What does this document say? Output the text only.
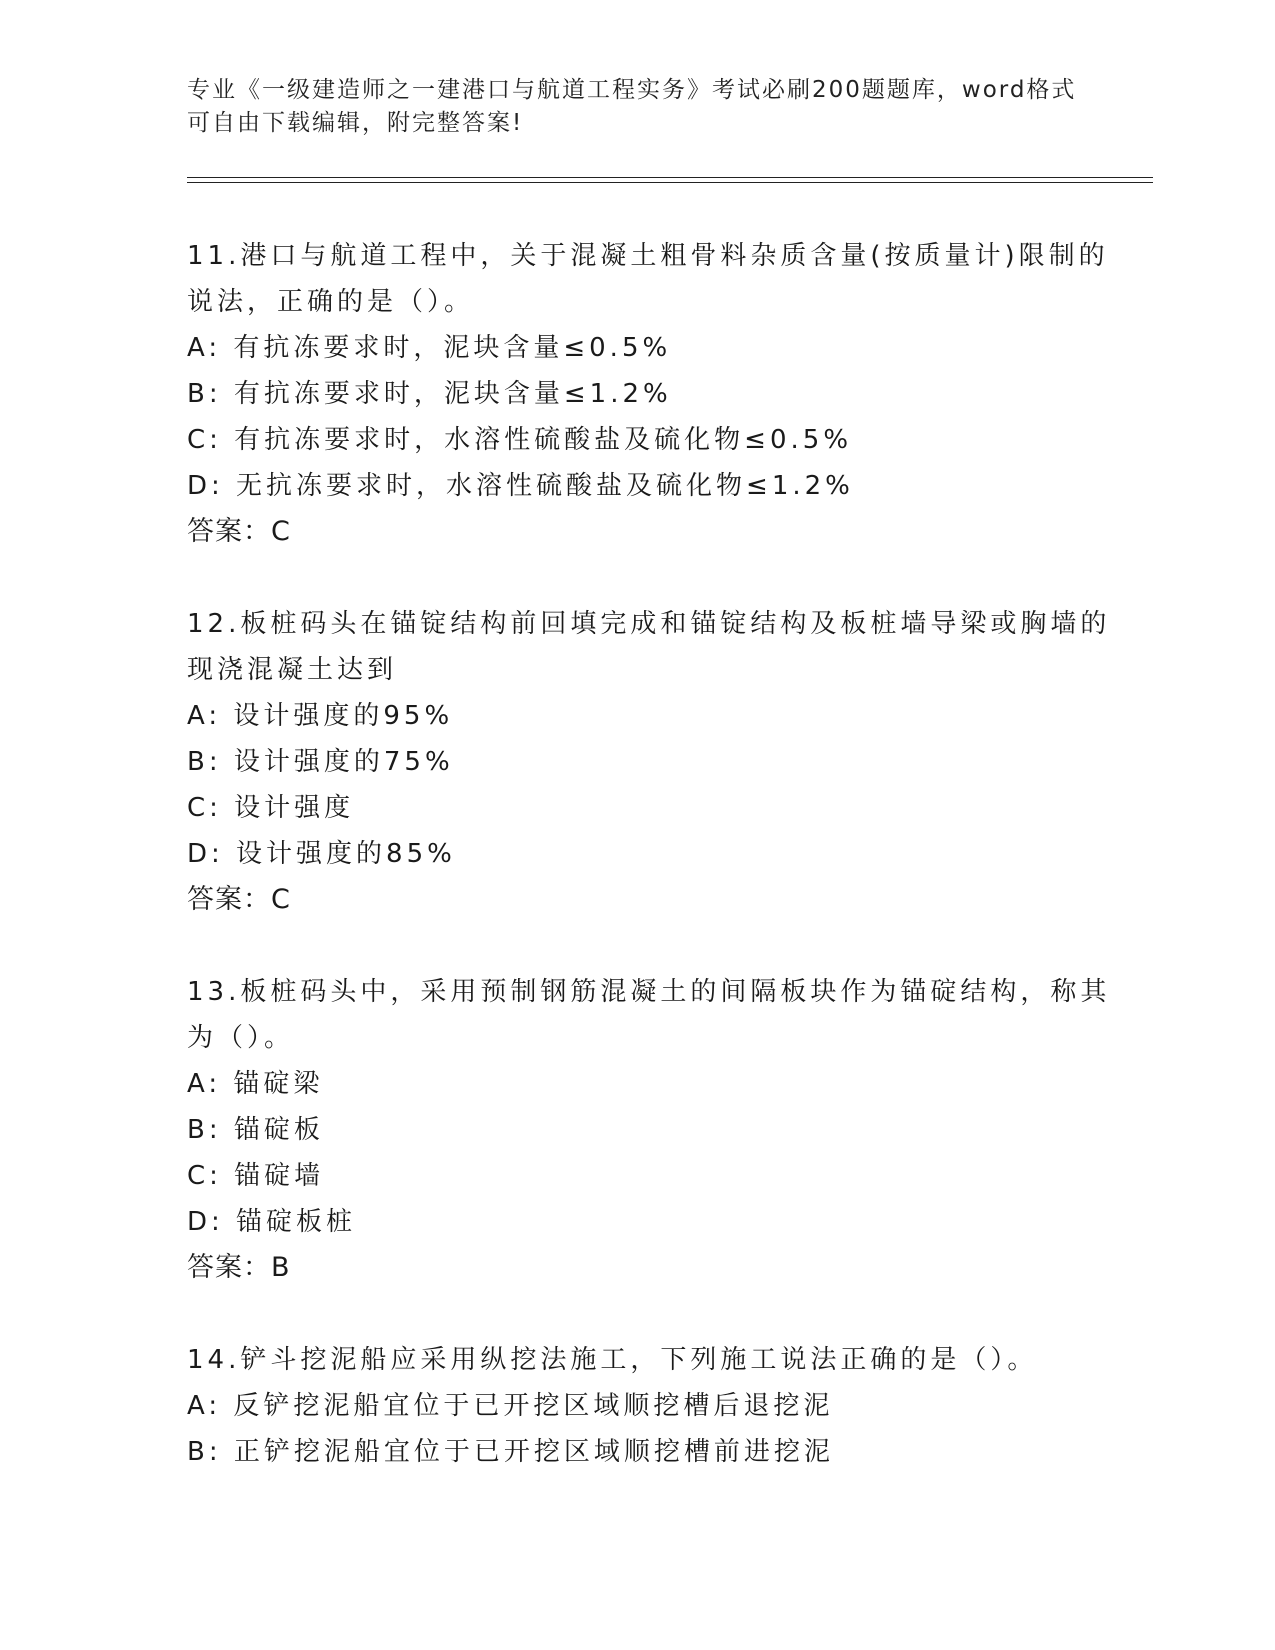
专业《一级建造师之一建港口与航道工程实务》考试必刷200题题库，word格式
可自由下载编辑，附完整答案!
11.港口与航道工程中，关于混凝土粗骨料杂质含量(按质量计)限制的
说法，正确的是（）。
A: 有抗冻要求时，泥块含量≤0.5%
B: 有抗冻要求时，泥块含量≤1.2%
C: 有抗冻要求时，水溶性硫酸盐及硫化物≤0.5%
D: 无抗冻要求时，水溶性硫酸盐及硫化物≤1.2%
答案：C
12.板桩码头在锚锭结构前回填完成和锚锭结构及板桩墙导梁或胸墙的
现浇混凝土达到
A: 设计强度的95%
B: 设计强度的75%
C: 设计强度
D: 设计强度的85%
答案：C
13.板桩码头中，采用预制钢筋混凝土的间隔板块作为锚碇结构，称其
为（）。
A: 锚碇梁
B: 锚碇板
C: 锚碇墙
D: 锚碇板桩
答案：B
14.铲斗挖泥船应采用纵挖法施工，下列施工说法正确的是（）。
A: 反铲挖泥船宜位于已开挖区域顺挖槽后退挖泥
B: 正铲挖泥船宜位于已开挖区域顺挖槽前进挖泥
